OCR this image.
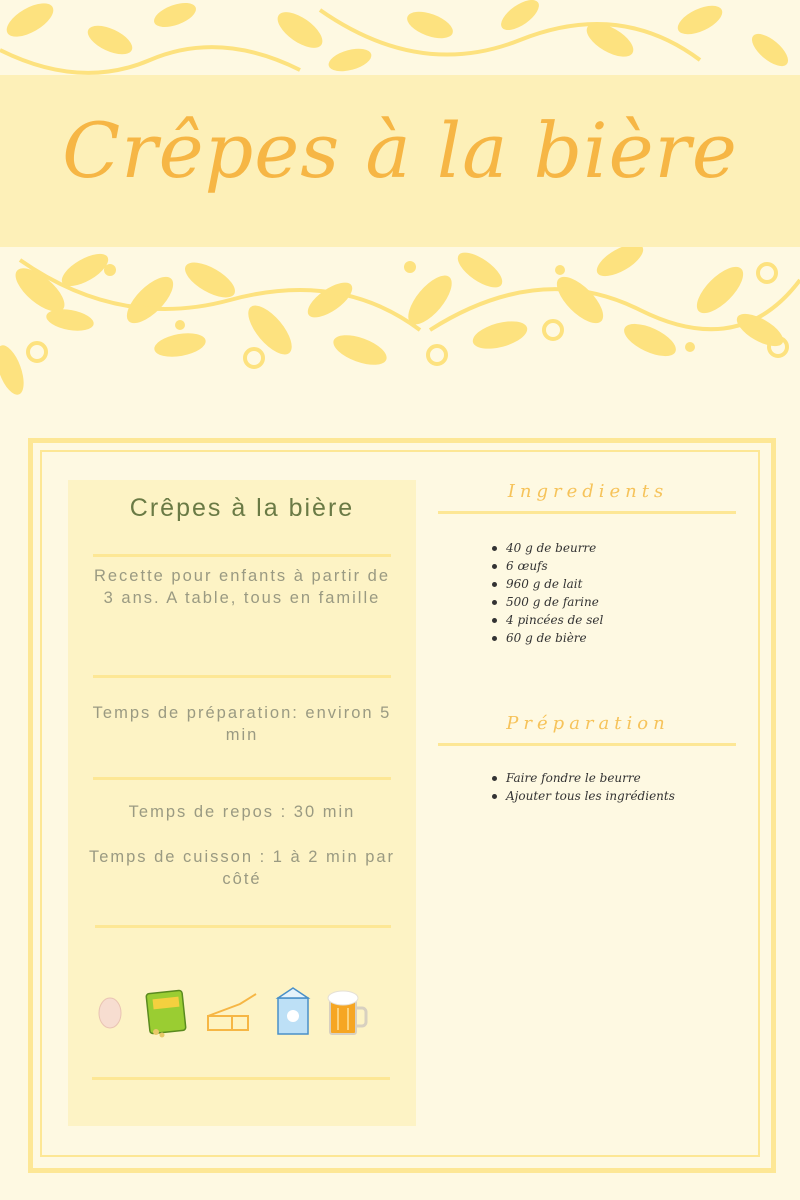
Crêpes à la bière
Crêpes à la bière
Recette pour enfants à partir de 3 ans. A table, tous en famille
Temps de préparation: environ 5 min
Temps de repos : 30 min
Temps de cuisson : 1 à 2 min par côté
Ingredients
40 g de beurre
6 œufs
960 g de lait
500 g de farine
4 pincées de sel
60 g de bière
Préparation
Faire fondre le beurre
Ajouter tous les ingrédients
